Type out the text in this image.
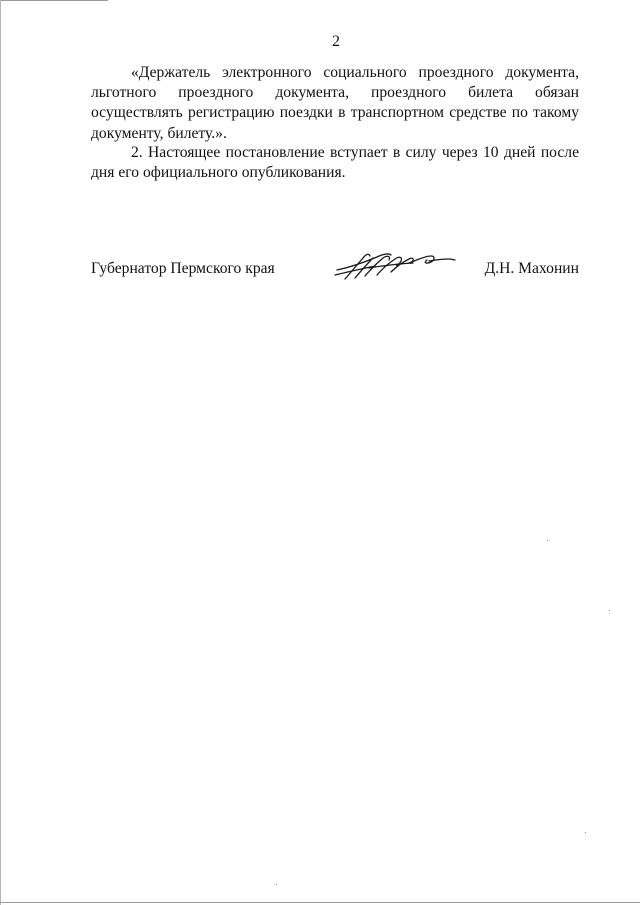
2

«Держатель электронного социального проездного документа,
льготного проездного документа, проездного билета обязан осуществлять регистрацию поездки в транспортном средстве по такому документу, билету.».

2. Настоящее постановление вступает в силу через 10 дней после
дня его официального опубликования.

Губернатор Пермского края	Д.Н. Махонин
